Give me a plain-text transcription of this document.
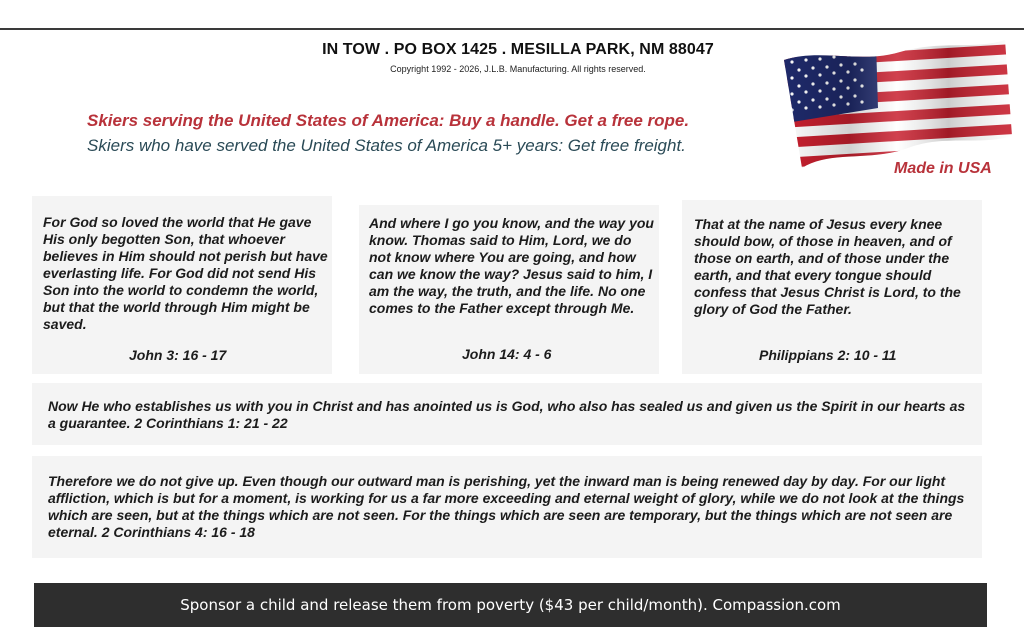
IN TOW . PO BOX 1425 . MESILLA PARK, NM 88047
Copyright 1992 - 2026, J.L.B. Manufacturing. All rights reserved.
Skiers serving the United States of America: Buy a handle. Get a free rope.
Skiers who have served the United States of America 5+ years: Get free freight.
Made in USA
For God so loved the world that He gave His only begotten Son, that whoever believes in Him should not perish but have everlasting life. For God did not send His Son into the world to condemn the world, but that the world through Him might be saved.
John 3: 16 - 17
And where I go you know, and the way you know. Thomas said to Him, Lord, we do not know where You are going, and how can we know the way? Jesus said to him, I am the way, the truth, and the life. No one comes to the Father except through Me.
John 14: 4 - 6
That at the name of Jesus every knee should bow, of those in heaven, and of those on earth, and of those under the earth, and that every tongue should confess that Jesus Christ is Lord, to the glory of God the Father.
Philippians 2: 10 - 11
Now He who establishes us with you in Christ and has anointed us is God, who also has sealed us and given us the Spirit in our hearts as a guarantee. 2 Corinthians 1: 21 - 22
Therefore we do not give up. Even though our outward man is perishing, yet the inward man is being renewed day by day. For our light affliction, which is but for a moment, is working for us a far more exceeding and eternal weight of glory, while we do not look at the things which are seen, but at the things which are not seen. For the things which are seen are temporary, but the things which are not seen are eternal. 2 Corinthians 4: 16 - 18
Sponsor a child and release them from poverty ($43 per child/month). Compassion.com
